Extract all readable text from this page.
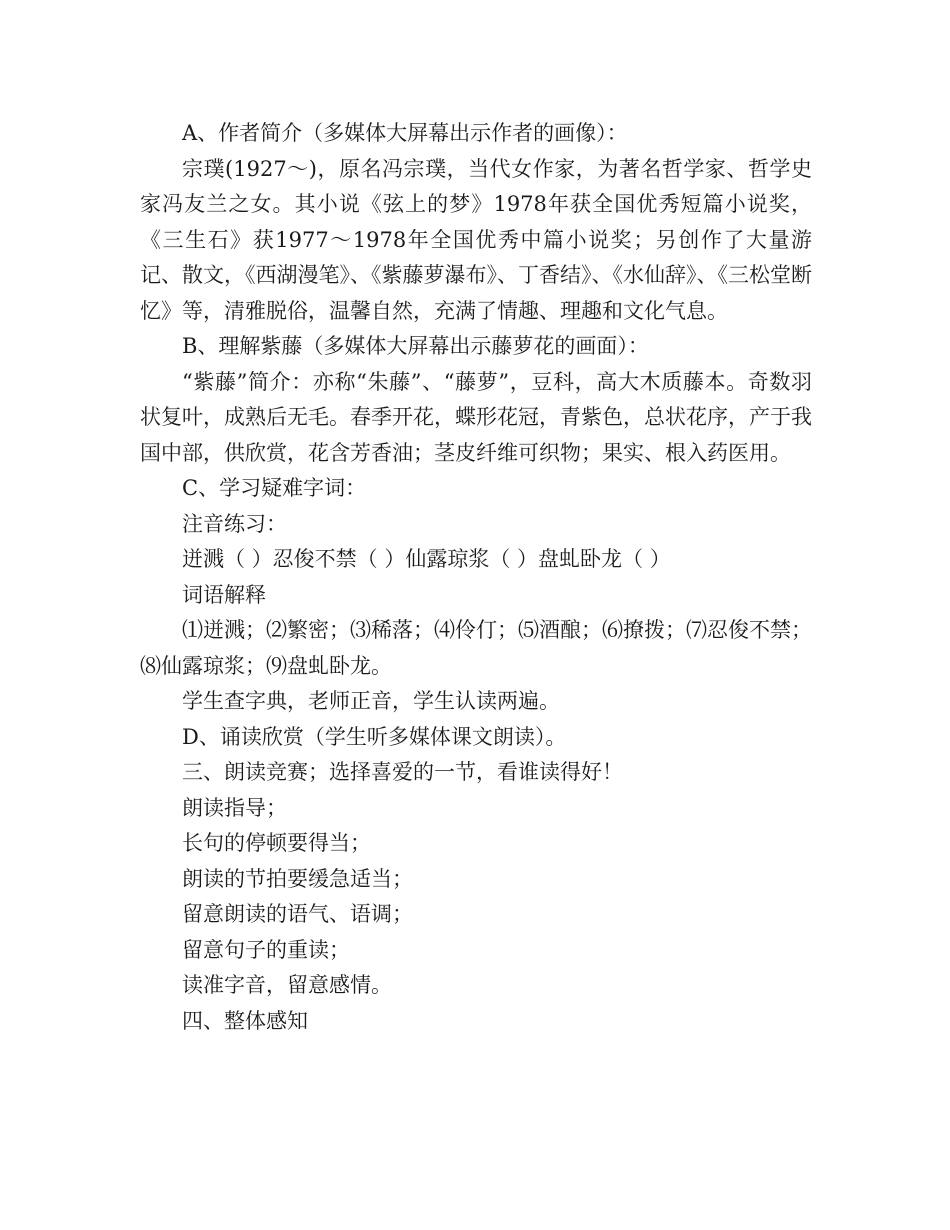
A、作者简介（多媒体大屏幕出示作者的画像）：

宗璞(1927～)，原名冯宗璞，当代女作家，为著名哲学家、哲学史家冯友兰之女。其小说《弦上的梦》1978年获全国优秀短篇小说奖，《三生石》获1977～1978年全国优秀中篇小说奖；另创作了大量游记、散文，《西湖漫笔》、《紫藤萝瀑布》、丁香结》、《水仙辞》、《三松堂断忆》等，清雅脱俗，温馨自然，充满了情趣、理趣和文化气息。

B、理解紫藤（多媒体大屏幕出示藤萝花的画面）：

“紫藤”简介：亦称“朱藤”、“藤萝”，豆科，高大木质藤本。奇数羽状复叶，成熟后无毛。春季开花，蝶形花冠，青紫色，总状花序，产于我国中部，供欣赏，花含芳香油；茎皮纤维可织物；果实、根入药医用。

C、学习疑难字词：

注音练习：

迸溅（ ）忍俊不禁（ ）仙露琼浆（ ）盘虬卧龙（ ）

词语解释

⑴迸溅；⑵繁密；⑶稀落；⑷伶仃；⑸酒酿；⑹撩拨；⑺忍俊不禁；⑻仙露琼浆；⑼盘虬卧龙。

学生查字典，老师正音，学生认读两遍。

D、诵读欣赏（学生听多媒体课文朗读）。

三、朗读竞赛；选择喜爱的一节，看谁读得好！

朗读指导；

长句的停顿要得当；

朗读的节拍要缓急适当；

留意朗读的语气、语调；

留意句子的重读；

读准字音，留意感情。

四、整体感知
